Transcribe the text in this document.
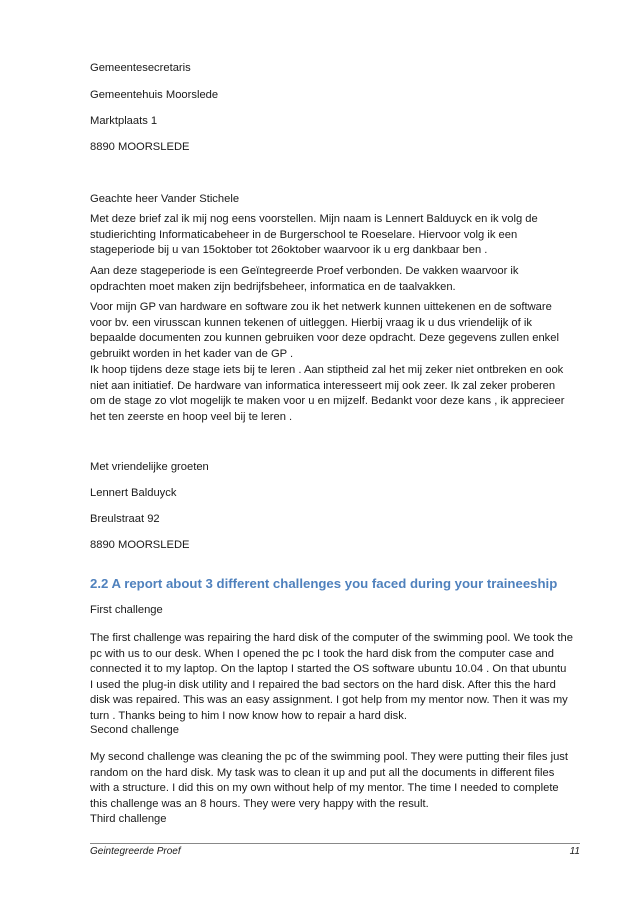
Gemeentesecretaris
Gemeentehuis Moorslede
Marktplaats 1
8890 MOORSLEDE
Geachte heer Vander Stichele

Met deze brief zal ik mij nog eens voorstellen. Mijn naam is Lennert Balduyck en ik volg de

studierichting Informaticabeheer in de Burgerschool te Roeselare. Hiervoor volg ik een

stageperiode bij u van 15oktober tot 26oktober waarvoor ik u erg dankbaar ben .

Aan deze stageperiode is een Geïntegreerde Proef verbonden. De vakken waarvoor ik

opdrachten moet maken zijn bedrijfsbeheer, informatica en de taalvakken.

Voor mijn GP van hardware en software zou ik het netwerk kunnen uittekenen en de software

voor bv. een virusscan kunnen tekenen of uitleggen. Hierbij vraag ik u dus vriendelijk of ik

bepaalde documenten zou kunnen gebruiken voor deze opdracht. Deze gegevens zullen enkel

gebruikt worden in het kader van de GP .

Ik hoop tijdens deze stage iets bij te leren . Aan stiptheid zal het mij zeker niet ontbreken en ook

niet aan initiatief. De hardware van informatica interesseert mij ook zeer. Ik zal zeker proberen

om de stage zo vlot mogelijk te maken voor u en mijzelf. Bedankt voor deze kans , ik apprecieer

het ten zeerste en hoop veel bij te leren .

Met vriendelijke groeten
Lennert Balduyck
Breulstraat 92
8890 MOORSLEDE
2.2 A report about 3 different challenges you faced during your traineeship
First challenge

The first challenge was repairing the hard disk of the computer of the swimming pool. We took the

pc with us to our desk. When I opened the pc I took the hard disk from the computer case and

connected it to my laptop. On the laptop I started the OS software ubuntu 10.04 . On that ubuntu

I used the plug-in disk utility and I repaired the bad sectors on the hard disk. After this the hard

disk was repaired. This was an easy assignment. I got help from my mentor now. Then it was my

turn . Thanks being to him I now know how to repair a hard disk.

Second challenge

My second challenge was cleaning the pc of the swimming pool. They were putting their files just

random on the hard disk. My task was to clean it up and put all the documents in different files

with a structure. I did this on my own without help of my mentor. The time I needed to complete

this challenge was an 8 hours. They were very happy with the result.

Third challenge
Geintegreerde Proef	11
